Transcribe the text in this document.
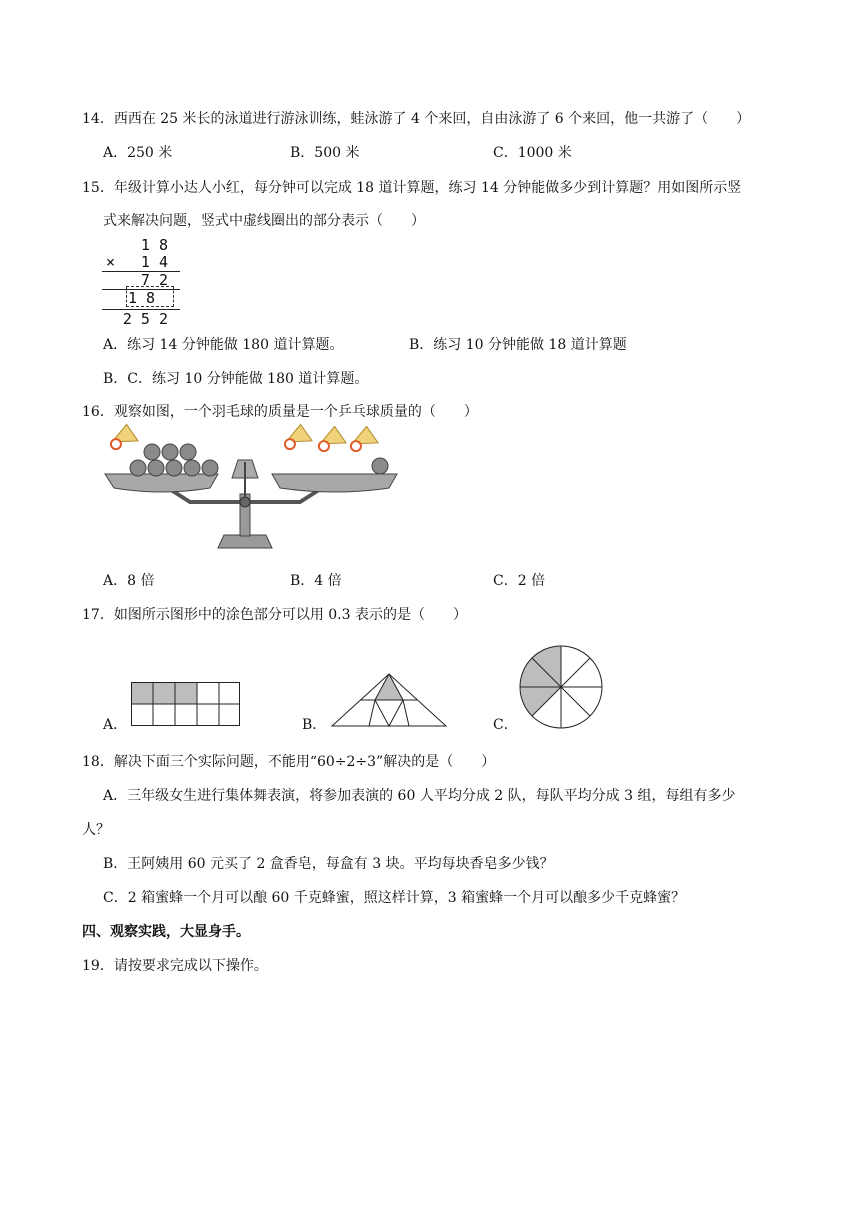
14．西西在 25 米长的泳道进行游泳训练，蛙泳游了 4 个来回，自由泳游了 6 个来回，他一共游了（　　）
A．250 米	B．500 米	C．1000 米
15．年级计算小达人小红，每分钟可以完成 18 道计算题，练习 14 分钟能做多少到计算题？用如图所示竖
式来解决问题，竖式中虚线圈出的部分表示（　　）
1 8
×	1 4
7 2
1 8
2 5 2
A．练习 14 分钟能做 180 道计算题。	B．练习 10 分钟能做 18 道计算题
B．C．练习 10 分钟能做 180 道计算题。
16．观察如图，一个羽毛球的质量是一个乒乓球质量的（　　）
A．8 倍	B．4 倍	C．2 倍
17．如图所示图形中的涂色部分可以用 0.3 表示的是（　　）
A．	B．	C．
18．解决下面三个实际问题，不能用“60÷2÷3”解决的是（　　）
A．三年级女生进行集体舞表演，将参加表演的 60 人平均分成 2 队，每队平均分成 3 组，每组有多少
人？
B．王阿姨用 60 元买了 2 盒香皂，每盒有 3 块。平均每块香皂多少钱？
C．2 箱蜜蜂一个月可以酿 60 千克蜂蜜，照这样计算，3 箱蜜蜂一个月可以酿多少千克蜂蜜？
四、观察实践，大显身手。
19．请按要求完成以下操作。
